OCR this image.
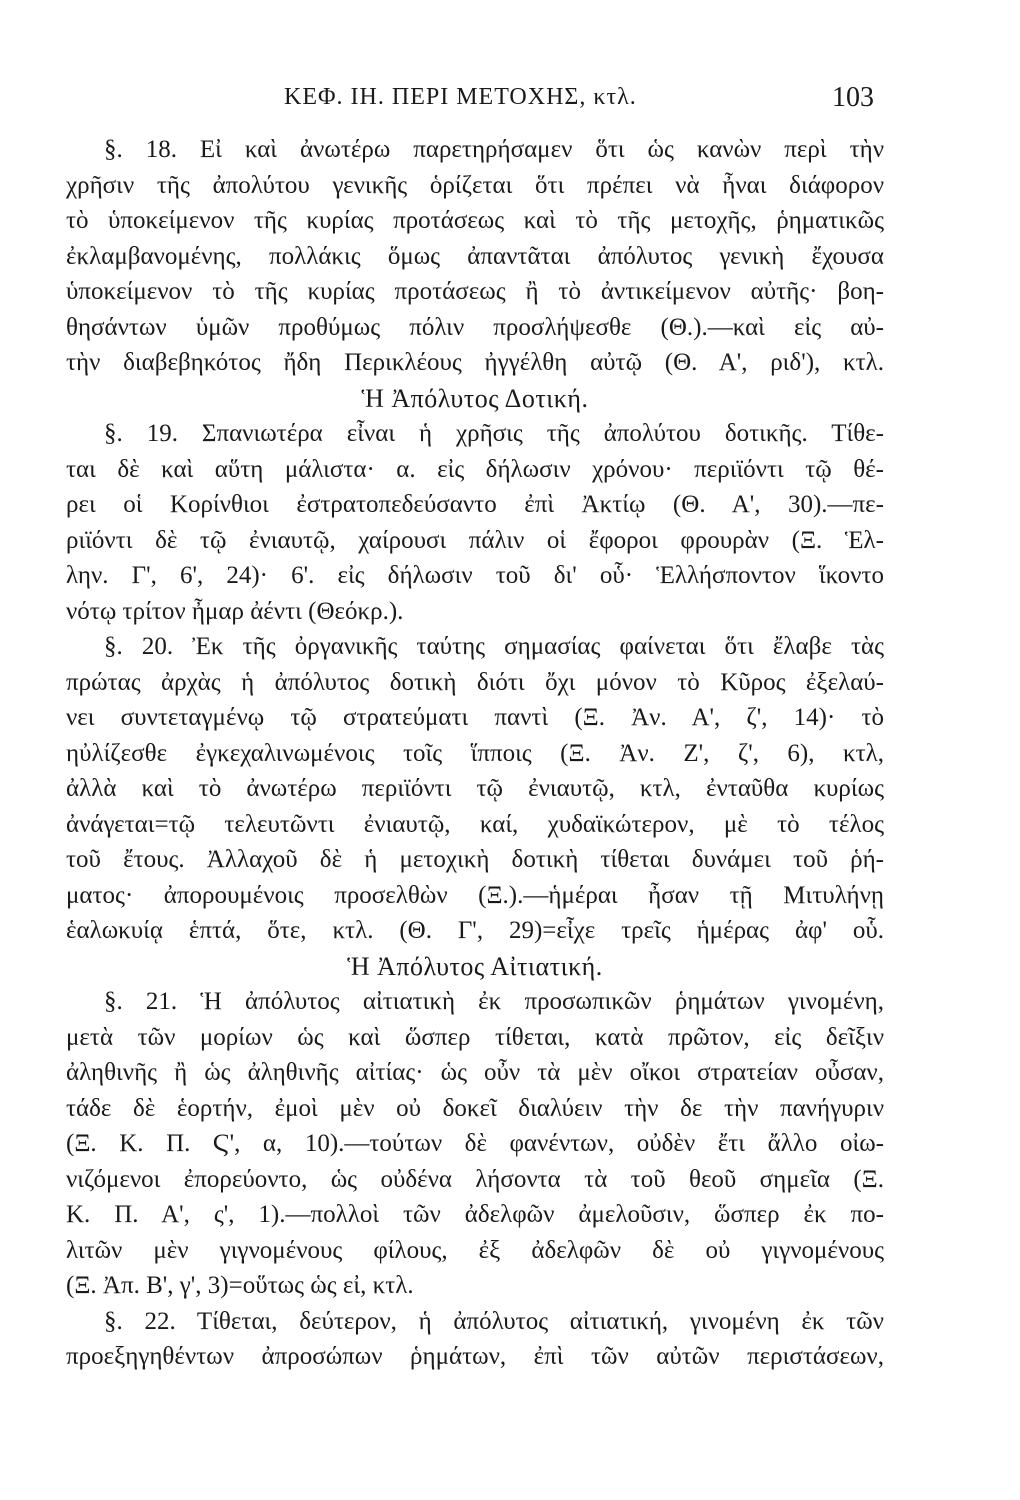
ΚΕΦ. ΙΗ. ΠΕΡΙ ΜΕΤΟΧΗΣ, κτλ.	103
§. 18. Εἰ καὶ ἀνωτέρω παρετηρήσαμεν ὅτι ὡς κανὼν περὶ τὴν
χρῆσιν τῆς ἀπολύτου γενικῆς ὁρίζεται ὅτι πρέπει νὰ ἦναι διάφορον
τὸ ὑποκείμενον τῆς κυρίας προτάσεως καὶ τὸ τῆς μετοχῆς, ῥηματικῶς
ἐκλαμβανομένης, πολλάκις ὅμως ἀπαντᾶται ἀπόλυτος γενικὴ ἔχουσα
ὑποκείμενον τὸ τῆς κυρίας προτάσεως ἢ τὸ ἀντικείμενον αὐτῆς· βοη-
θησάντων ὑμῶν προθύμως πόλιν προσλήψεσθε (Θ.).—καὶ εἰς αὐ-
τὴν διαβεβηκότος ἤδη Περικλέους ἠγγέλθη αὐτῷ (Θ. Α', ριδ'), κτλ.
Ἡ Ἀπόλυτος Δοτική.
§. 19. Σπανιωτέρα εἶναι ἡ χρῆσις τῆς ἀπολύτου δοτικῆς. Τίθε-
ται δὲ καὶ αὕτη μάλιστα· α. εἰς δήλωσιν χρόνου· περιϊόντι τῷ θέ-
ρει οἱ Κορίνθιοι ἐστρατοπεδεύσαντο ἐπὶ Ἀκτίῳ (Θ. Α', 30).—πε-
ριϊόντι δὲ τῷ ἐνιαυτῷ, χαίρουσι πάλιν οἱ ἔφοροι φρουρὰν (Ξ. Ἑλ-
λην. Γ', 6', 24)· 6'. εἰς δήλωσιν τοῦ δι' οὗ· Ἑλλήσποντον ἵκοντο
νότῳ τρίτον ἦμαρ ἀέντι (Θεόκρ.).
§. 20. Ἐκ τῆς ὀργανικῆς ταύτης σημασίας φαίνεται ὅτι ἔλαβε τὰς
πρώτας ἀρχὰς ἡ ἀπόλυτος δοτικὴ διότι ὄχι μόνον τὸ Κῦρος ἐξελαύ-
νει συντεταγμένῳ τῷ στρατεύματι παντὶ (Ξ. Ἀν. Α', ζ', 14)· τὸ
ηὐλίζεσθε ἐγκεχαλινωμένοις τοῖς ἵπποις (Ξ. Ἀν. Ζ', ζ', 6), κτλ,
ἀλλὰ καὶ τὸ ἀνωτέρω περιϊόντι τῷ ἐνιαυτῷ, κτλ, ἐνταῦθα κυρίως
ἀνάγεται=τῷ τελευτῶντι ἐνιαυτῷ, καί, χυδαϊκώτερον, μὲ τὸ τέλος
τοῦ ἔτους. Ἀλλαχοῦ δὲ ἡ μετοχικὴ δοτικὴ τίθεται δυνάμει τοῦ ῥή-
ματος· ἀπορουμένοις προσελθὼν (Ξ.).—ἡμέραι ἦσαν τῇ Μιτυλήνῃ
ἑαλωκυίᾳ ἑπτά, ὅτε, κτλ. (Θ. Γ', 29)=εἶχε τρεῖς ἡμέρας ἀφ' οὗ.
Ἡ Ἀπόλυτος Αἰτιατική.
§. 21. Ἡ ἀπόλυτος αἰτιατικὴ ἐκ προσωπικῶν ῥημάτων γινομένη,
μετὰ τῶν μορίων ὡς καὶ ὥσπερ τίθεται, κατὰ πρῶτον, εἰς δεῖξιν
ἀληθινῆς ἢ ὡς ἀληθινῆς αἰτίας· ὡς οὖν τὰ μὲν οἴκοι στρατείαν οὖσαν,
τάδε δὲ ἑορτήν, ἐμοὶ μὲν οὐ δοκεῖ διαλύειν τὴν δε τὴν πανήγυριν
(Ξ. Κ. Π. Ϛ', α, 10).—τούτων δὲ φανέντων, οὐδὲν ἔτι ἄλλο οἰω-
νιζόμενοι ἐπορεύοντο, ὡς οὐδένα λήσοντα τὰ τοῦ θεοῦ σημεῖα (Ξ.
Κ. Π. Α', ς', 1).—πολλοὶ τῶν ἀδελφῶν ἀμελοῦσιν, ὥσπερ ἐκ πο-
λιτῶν μὲν γιγνομένους φίλους, ἐξ ἀδελφῶν δὲ οὐ γιγνομένους
(Ξ. Ἀπ. Β', γ', 3)=οὕτως ὡς εἰ, κτλ.
§. 22. Τίθεται, δεύτερον, ἡ ἀπόλυτος αἰτιατική, γινομένη ἐκ τῶν
προεξηγηθέντων ἀπροσώπων ῥημάτων, ἐπὶ τῶν αὐτῶν περιστάσεων,
